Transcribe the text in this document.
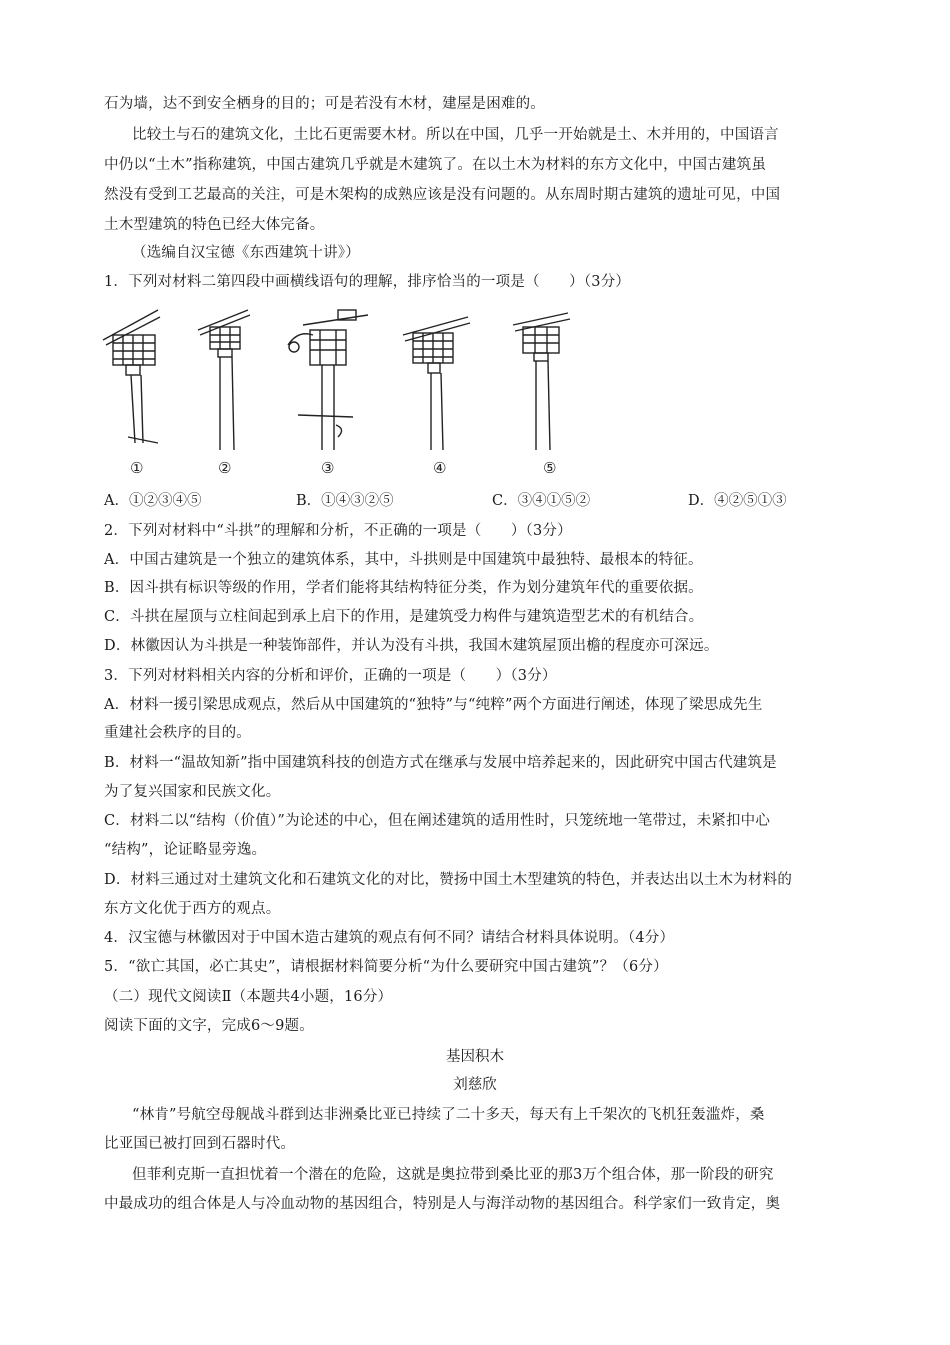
石为墙，达不到安全栖身的目的；可是若没有木材，建屋是困难的。
比较土与石的建筑文化，土比石更需要木材。所以在中国，几乎一开始就是土、木并用的，中国语言
中仍以“土木”指称建筑，中国古建筑几乎就是木建筑了。在以土木为材料的东方文化中，中国古建筑虽
然没有受到工艺最高的关注，可是木架构的成熟应该是没有问题的。从东周时期古建筑的遗址可见，中国
土木型建筑的特色已经大体完备。
（选编自汉宝德《东西建筑十讲》）
1．下列对材料二第四段中画横线语句的理解，排序恰当的一项是（　　）（3分）
①	②	③	④	⑤
A．①②③④⑤	B．①④③②⑤	C．③④①⑤②	D．④②⑤①③
2．下列对材料中“斗拱”的理解和分析，不正确的一项是（　　）（3分）
A．中国古建筑是一个独立的建筑体系，其中，斗拱则是中国建筑中最独特、最根本的特征。
B．因斗拱有标识等级的作用，学者们能将其结构特征分类，作为划分建筑年代的重要依据。
C．斗拱在屋顶与立柱间起到承上启下的作用，是建筑受力构件与建筑造型艺术的有机结合。
D．林徽因认为斗拱是一种装饰部件，并认为没有斗拱，我国木建筑屋顶出檐的程度亦可深远。
3．下列对材料相关内容的分析和评价，正确的一项是（　　）（3分）
A．材料一援引梁思成观点，然后从中国建筑的“独特”与“纯粹”两个方面进行阐述，体现了梁思成先生
重建社会秩序的目的。
B．材料一“温故知新”指中国建筑科技的创造方式在继承与发展中培养起来的，因此研究中国古代建筑是
为了复兴国家和民族文化。
C．材料二以“结构（价值）”为论述的中心，但在阐述建筑的适用性时，只笼统地一笔带过，未紧扣中心
“结构”，论证略显旁逸。
D．材料三通过对土建筑文化和石建筑文化的对比，赞扬中国土木型建筑的特色，并表达出以土木为材料的
东方文化优于西方的观点。
4．汉宝德与林徽因对于中国木造古建筑的观点有何不同？请结合材料具体说明。（4分）
5．“欲亡其国，必亡其史”，请根据材料简要分析“为什么要研究中国古建筑”？（6分）
（二）现代文阅读Ⅱ（本题共4小题，16分）
阅读下面的文字，完成6～9题。
基因积木
刘慈欣
“林肯”号航空母舰战斗群到达非洲桑比亚已持续了二十多天，每天有上千架次的飞机狂轰滥炸，桑
比亚国已被打回到石器时代。
但菲利克斯一直担忧着一个潜在的危险，这就是奥拉带到桑比亚的那3万个组合体，那一阶段的研究
中最成功的组合体是人与冷血动物的基因组合，特别是人与海洋动物的基因组合。科学家们一致肯定，奥
